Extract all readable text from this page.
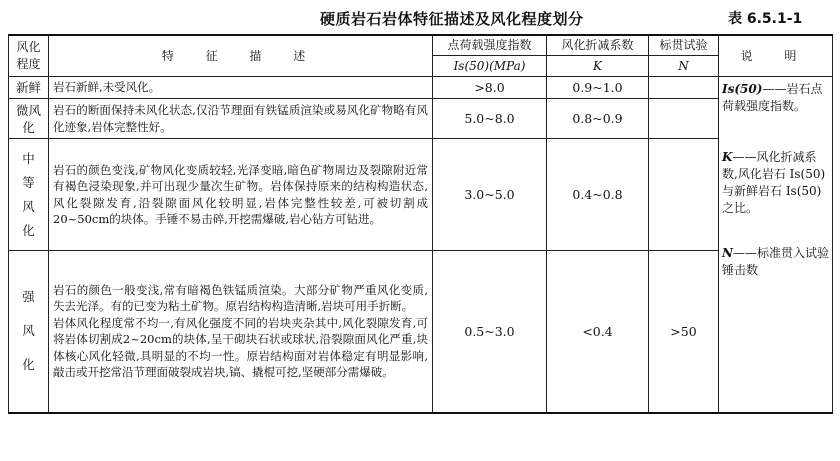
硬质岩石岩体特征描述及风化程度划分	表 6.5.1-1
风化程度	特 征 描 述	点荷载强度指数	风化折减系数	标贯试验	说 明
		Is(50)(MPa)	K	N	
新鲜	岩石新鲜,未受风化。	>8.0	0.9~1.0		Is(50)——岩石点荷载强度指数。
K——风化折减系数,风化岩石 Is(50) 与新鲜岩石 Is(50) 之比。
N——标准贯入试验锤击数

微风化	岩石的断面保持未风化状态,仅沿节理面有铁锰质渲染或易风化矿物略有风化迹象,岩体完整性好。	5.0~8.0	0.8~0.9		
中等风化	岩石的颜色变浅,矿物风化变质较轻,光泽变暗,暗色矿物周边及裂隙附近常有褐色浸染现象,并可出现少量次生矿物。岩体保持原来的结构构造状态,风化裂隙发育,沿裂隙面风化较明显,岩体完整性较差,可被切割成20~50cm的块体。手锤不易击碎,开挖需爆破,岩心钻方可钻进。	3.0~5.0	0.4~0.8		
强风化	岩石的颜色一般变浅,常有暗褐色铁锰质渲染。大部分矿物严重风化变质,失去光泽。有的已变为粘土矿物。原岩结构构造清晰,岩块可用手折断。
岩体风化程度常不均一,有风化强度不同的岩块夹杂其中,风化裂隙发育,可将岩体切割成2~20cm的块体,呈干砌块石状或球状,沿裂隙面风化严重,块体核心风化轻微,具明显的不均一性。原岩结构面对岩体稳定有明显影响,敲击或开挖常沿节理面破裂成岩块,镐、撬棍可挖,坚硬部分需爆破。	0.5~3.0	<0.4	>50	
